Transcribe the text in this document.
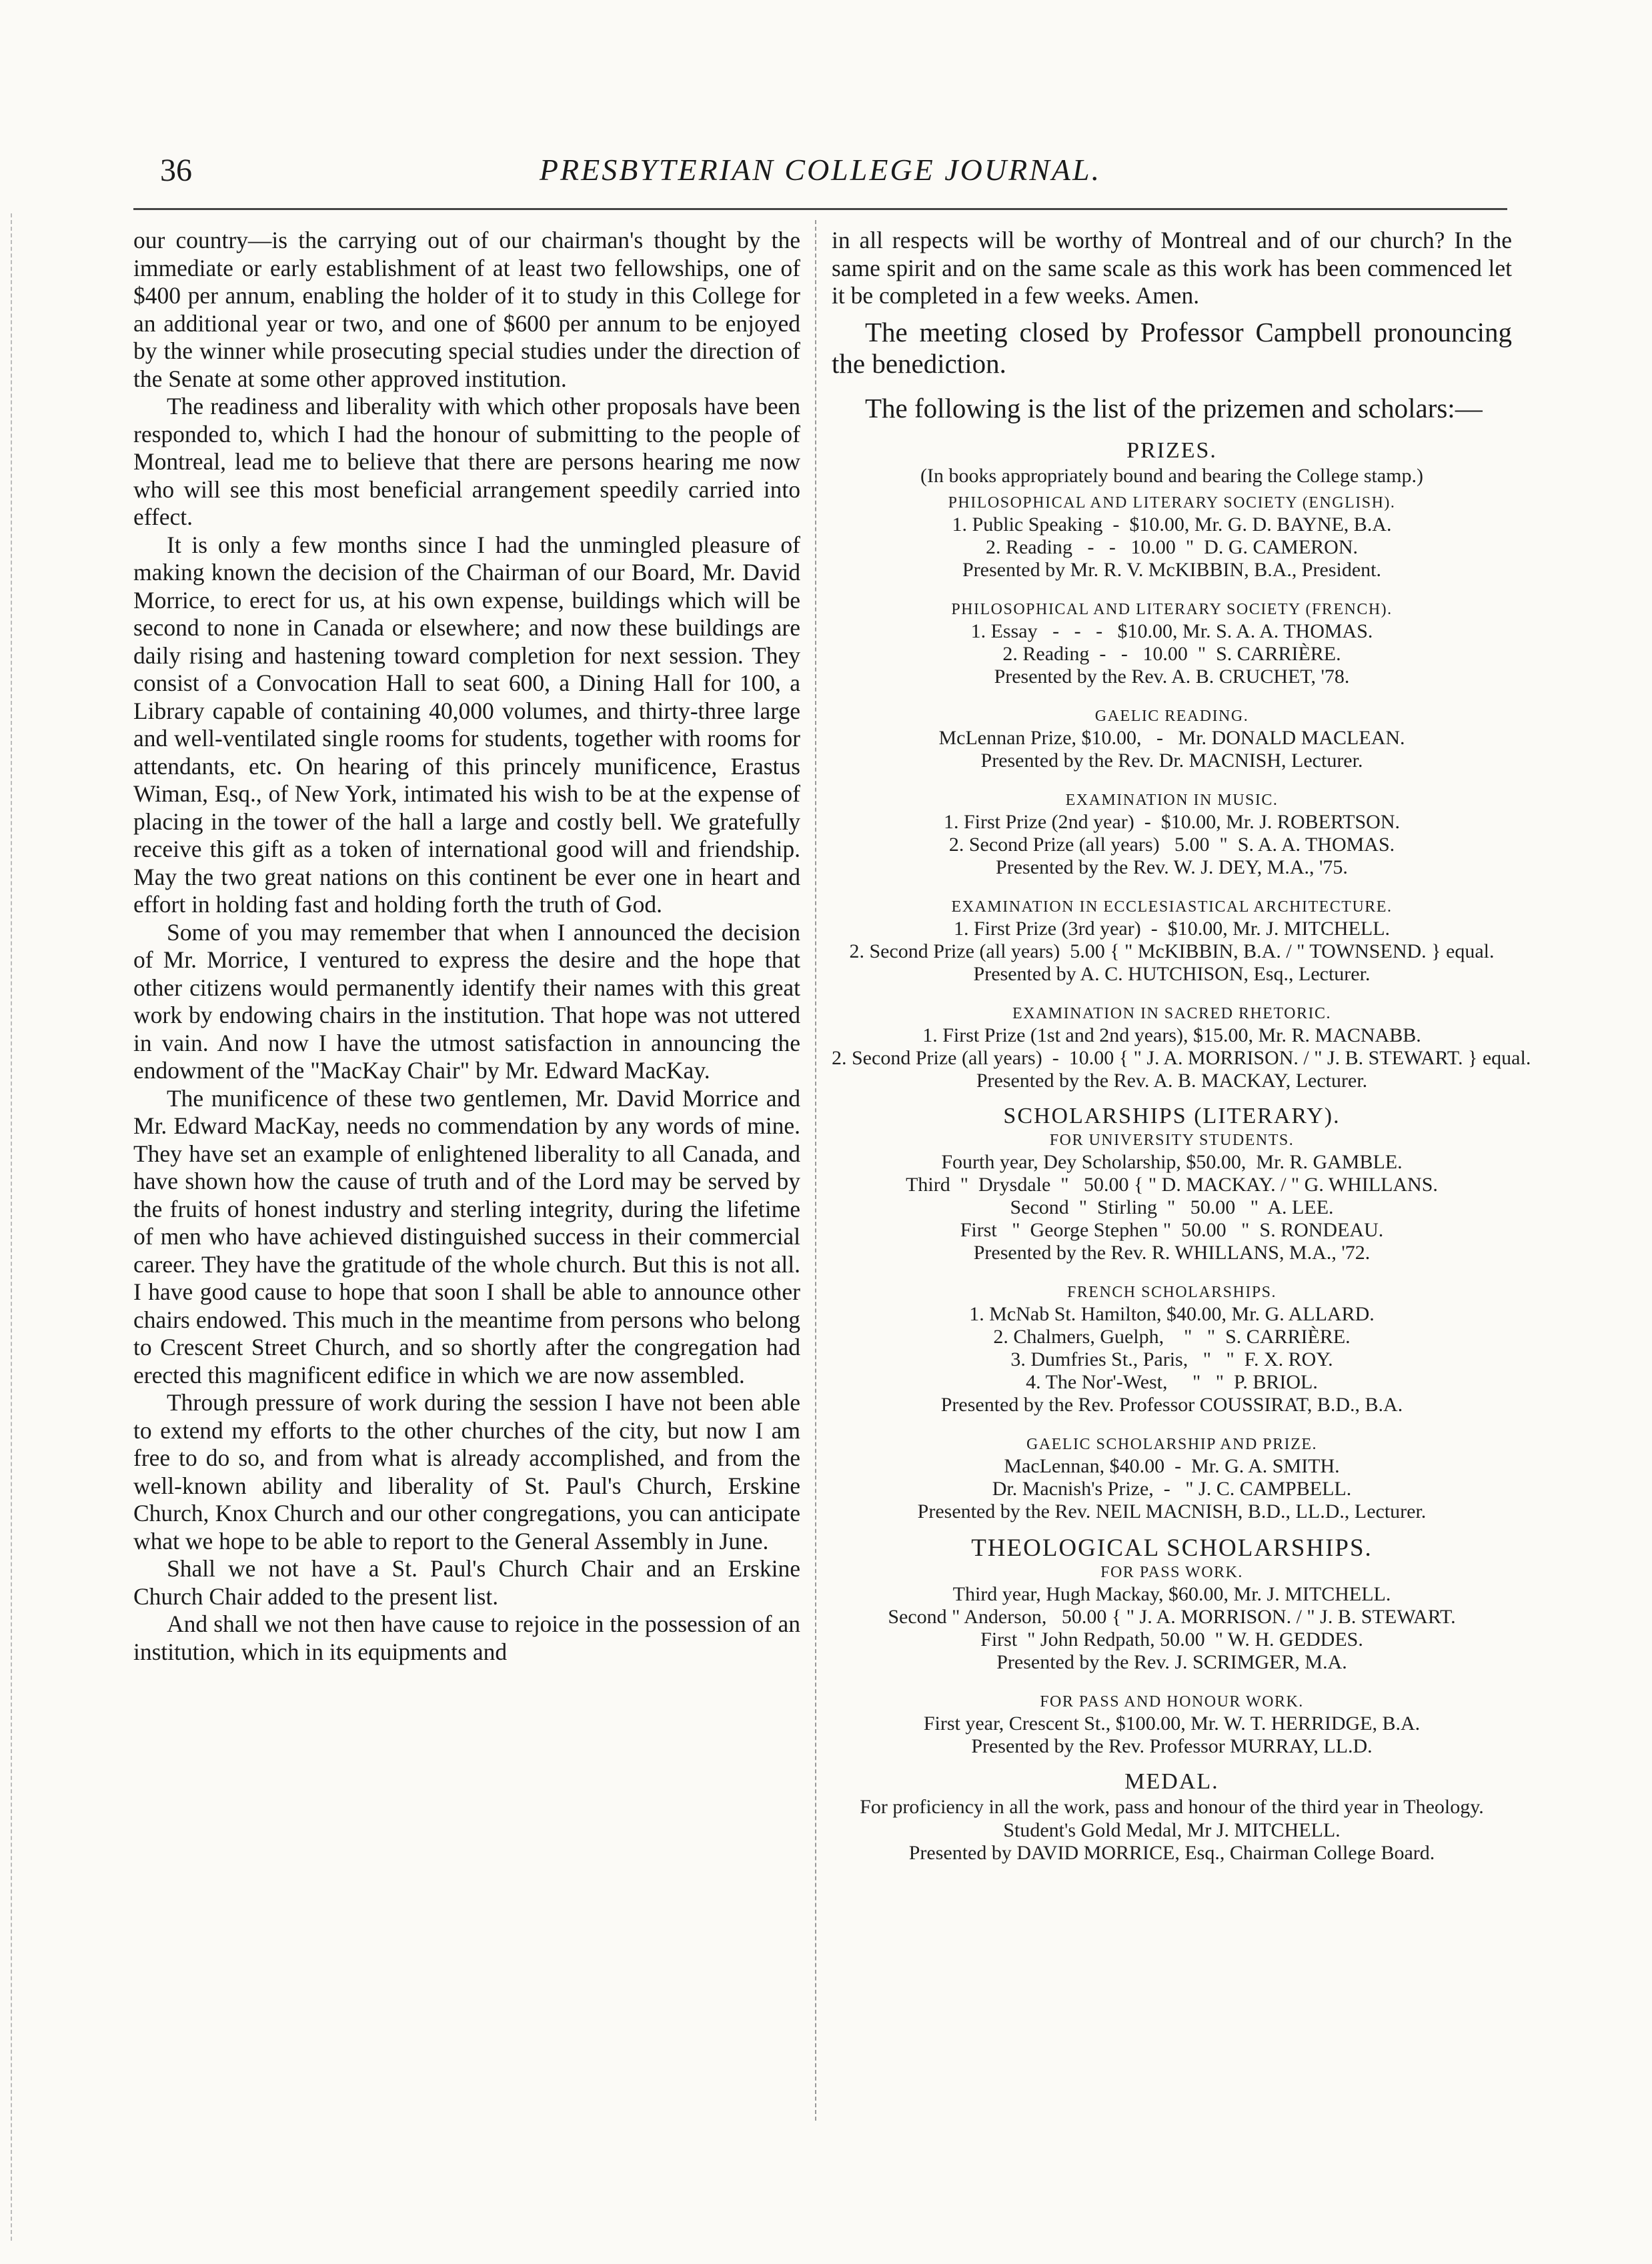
36	PRESBYTERIAN COLLEGE JOURNAL.

our country—is the carrying out of our chairman's thought by the immediate or early establishment of at least two fellowships, one of $400 per annum, enabling the holder of it to study in this College for an additional year or two, and one of $600 per annum to be enjoyed by the winner while prosecuting special studies under the direction of the Senate at some other approved institution.

The readiness and liberality with which other proposals have been responded to, which I had the honour of submitting to the people of Montreal, lead me to believe that there are persons hearing me now who will see this most beneficial arrangement speedily carried into effect.

It is only a few months since I had the unmingled pleasure of making known the decision of the Chairman of our Board, Mr. David Morrice, to erect for us, at his own expense, buildings which will be second to none in Canada or elsewhere; and now these buildings are daily rising and hastening toward completion for next session. They consist of a Convocation Hall to seat 600, a Dining Hall for 100, a Library capable of containing 40,000 volumes, and thirty-three large and well-ventilated single rooms for students, together with rooms for attendants, etc. On hearing of this princely munificence, Erastus Wiman, Esq., of New York, intimated his wish to be at the expense of placing in the tower of the hall a large and costly bell. We gratefully receive this gift as a token of international good will and friendship. May the two great nations on this continent be ever one in heart and effort in holding fast and holding forth the truth of God.

Some of you may remember that when I announced the decision of Mr. Morrice, I ventured to express the desire and the hope that other citizens would permanently identify their names with this great work by endowing chairs in the institution. That hope was not uttered in vain. And now I have the utmost satisfaction in announcing the endowment of the "MacKay Chair" by Mr. Edward MacKay.

The munificence of these two gentlemen, Mr. David Morrice and Mr. Edward MacKay, needs no commendation by any words of mine. They have set an example of enlightened liberality to all Canada, and have shown how the cause of truth and of the Lord may be served by the fruits of honest industry and sterling integrity, during the lifetime of men who have achieved distinguished success in their commercial career. They have the gratitude of the whole church. But this is not all. I have good cause to hope that soon I shall be able to announce other chairs endowed. This much in the meantime from persons who belong to Crescent Street Church, and so shortly after the congregation had erected this magnificent edifice in which we are now assembled.

Through pressure of work during the session I have not been able to extend my efforts to the other churches of the city, but now I am free to do so, and from what is already accomplished, and from the well-known ability and liberality of St. Paul's Church, Erskine Church, Knox Church and our other congregations, you can anticipate what we hope to be able to report to the General Assembly in June.

Shall we not have a St. Paul's Church Chair and an Erskine Church Chair added to the present list.

And shall we not then have cause to rejoice in the possession of an institution, which in its equipments and

in all respects will be worthy of Montreal and of our church? In the same spirit and on the same scale as this work has been commenced let it be completed in a few weeks. Amen.

The meeting closed by Professor Campbell pronouncing the benediction.

The following is the list of the prizemen and scholars:—

PRIZES.
(In books appropriately bound and bearing the College stamp.)
PHILOSOPHICAL AND LITERARY SOCIETY (ENGLISH).
1. Public Speaking  -  $10.00, Mr. G. D. BAYNE, B.A.
2. Reading   -   -   10.00  "  D. G. CAMERON.
Presented by Mr. R. V. McKIBBIN, B.A., President.
PHILOSOPHICAL AND LITERARY SOCIETY (FRENCH).
1. Essay   -   -   -   $10.00, Mr. S. A. A. THOMAS.
2. Reading  -   -   10.00  "  S. CARRIÈRE.
Presented by the Rev. A. B. CRUCHET, '78.
GAELIC READING.
McLennan Prize, $10.00,   -   Mr. DONALD MACLEAN.
Presented by the Rev. Dr. MACNISH, Lecturer.
EXAMINATION IN MUSIC.
1. First Prize (2nd year)  -  $10.00, Mr. J. ROBERTSON.
2. Second Prize (all years)   5.00  "  S. A. A. THOMAS.
Presented by the Rev. W. J. DEY, M.A., '75.
EXAMINATION IN ECCLESIASTICAL ARCHITECTURE.
1. First Prize (3rd year)  -  $10.00, Mr. J. MITCHELL.
2. Second Prize (all years)  5.00 { " McKIBBIN, B.A. / " TOWNSEND. } equal.
Presented by A. C. HUTCHISON, Esq., Lecturer.
EXAMINATION IN SACRED RHETORIC.
1. First Prize (1st and 2nd years), $15.00, Mr. R. MACNABB.
2. Second Prize (all years)  -  10.00 { " J. A. MORRISON. / " J. B. STEWART. } equal.
Presented by the Rev. A. B. MACKAY, Lecturer.
SCHOLARSHIPS (LITERARY).
FOR UNIVERSITY STUDENTS.
Fourth year, Dey Scholarship, $50.00,  Mr. R. GAMBLE.
Third  "  Drysdale  "   50.00 { " D. MACKAY. / " G. WHILLANS.
Second  "  Stirling  "   50.00   "  A. LEE.
First   "  George Stephen "  50.00   "  S. RONDEAU.
Presented by the Rev. R. WHILLANS, M.A., '72.
FRENCH SCHOLARSHIPS.
1. McNab St. Hamilton, $40.00, Mr. G. ALLARD.
2. Chalmers, Guelph,    "   "  S. CARRIÈRE.
3. Dumfries St., Paris,   "   "  F. X. ROY.
4. The Nor'-West,     "   "  P. BRIOL.
Presented by the Rev. Professor COUSSIRAT, B.D., B.A.
GAELIC SCHOLARSHIP AND PRIZE.
MacLennan, $40.00  -  Mr. G. A. SMITH.
Dr. Macnish's Prize,  -   " J. C. CAMPBELL.
Presented by the Rev. NEIL MACNISH, B.D., LL.D., Lecturer.
THEOLOGICAL SCHOLARSHIPS.
FOR PASS WORK.
Third year, Hugh Mackay, $60.00, Mr. J. MITCHELL.
Second " Anderson,   50.00 { " J. A. MORRISON. / " J. B. STEWART.
First  " John Redpath, 50.00  " W. H. GEDDES.
Presented by the Rev. J. SCRIMGER, M.A.
FOR PASS AND HONOUR WORK.
First year, Crescent St., $100.00, Mr. W. T. HERRIDGE, B.A.
Presented by the Rev. Professor MURRAY, LL.D.
MEDAL.
For proficiency in all the work, pass and honour of the third year in Theology.
Student's Gold Medal, Mr J. MITCHELL.
Presented by DAVID MORRICE, Esq., Chairman College Board.
